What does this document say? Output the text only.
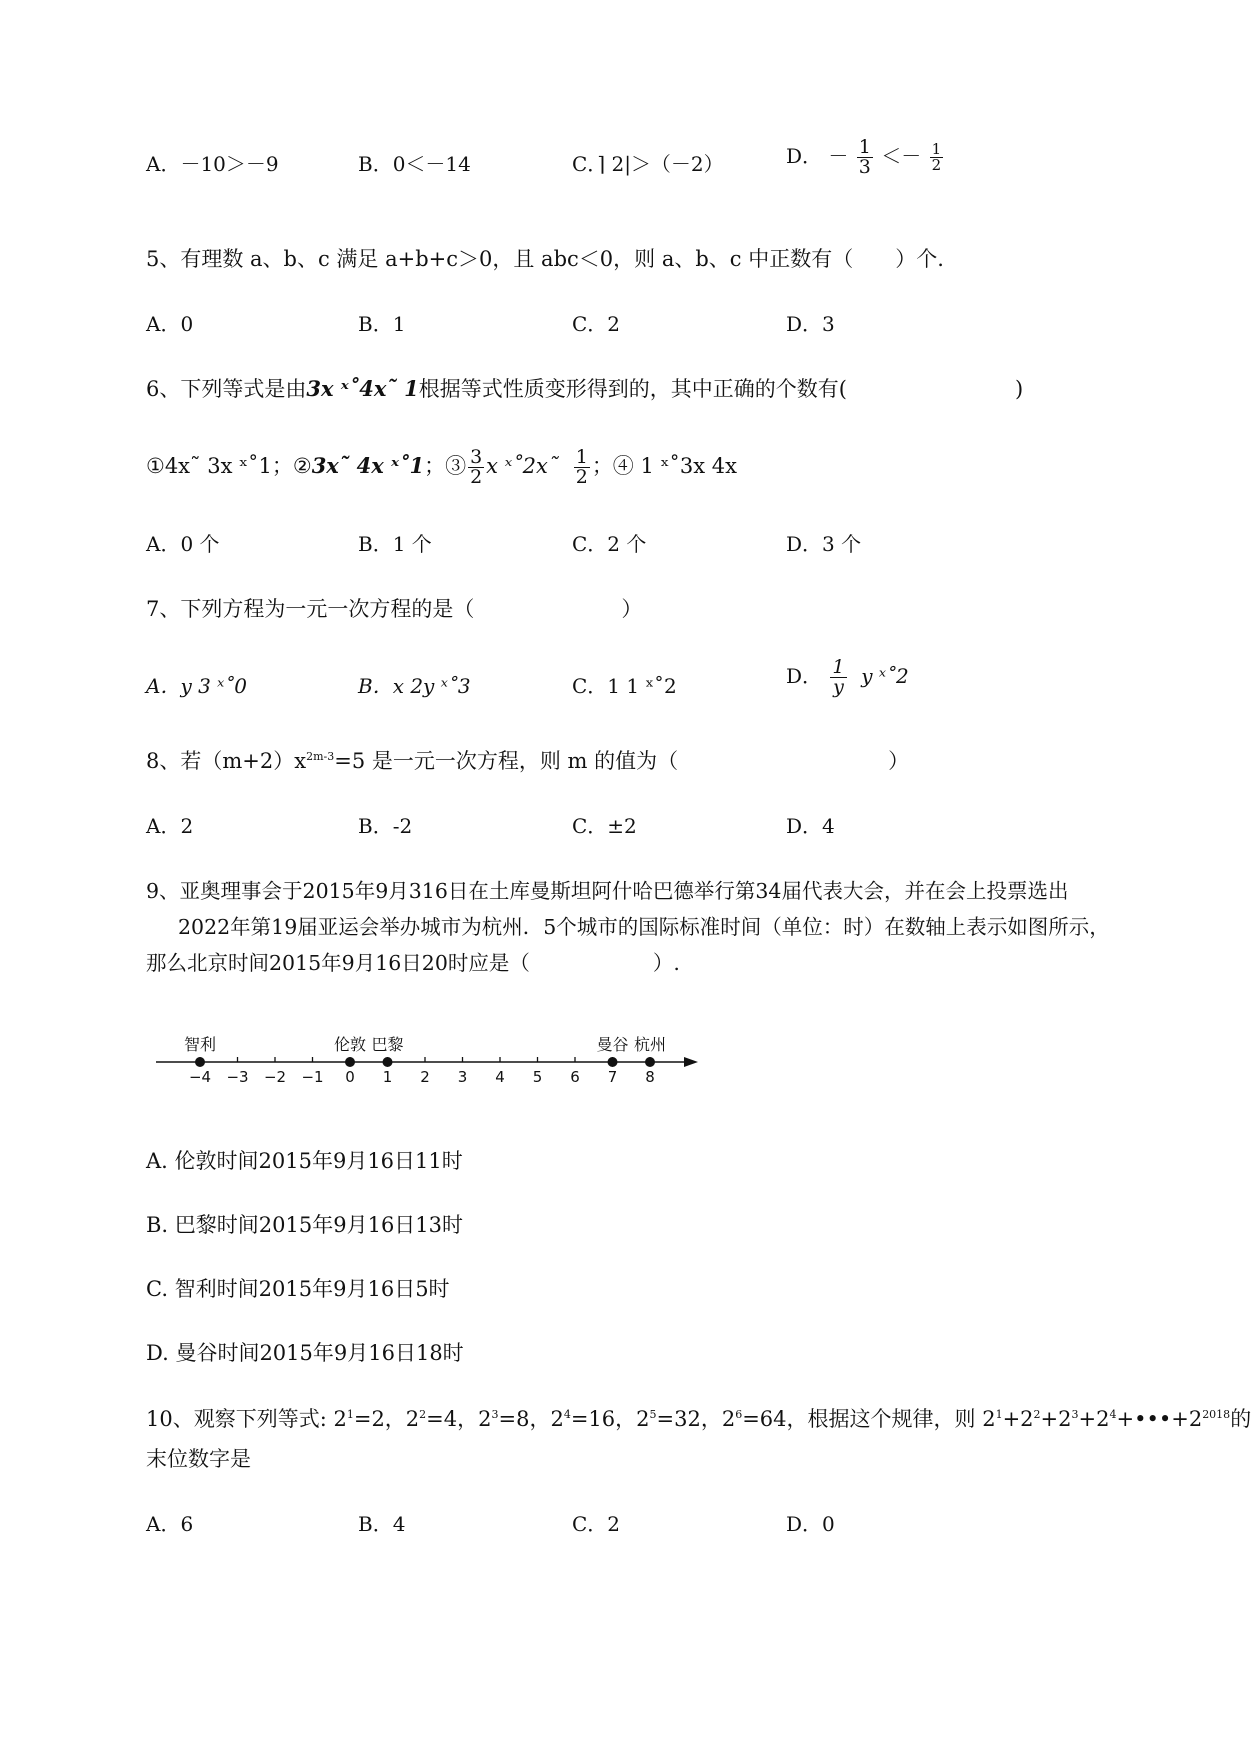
A．－10＞－9	B．0＜－14	C．⌉ 2|＞（－2）	D． － $\frac{1}{3} <- \frac{1}{2}$
5、有理数 a、b、c 满足 a+b+c＞0，且 abc＜0，则 a、b、c 中正数有（　　）个.
A．0	B．1	C．2	D．3
6、下列等式是由3x ˣ˚4x˜ 1根据等式性质变形得到的，其中正确的个数有(　　　　　　　　)
①4x˜ 3x ˣ˚1；②3x˜ 4x ˣ˚1；③ $\frac{3}{2}$ x ˣ˚2x˜ $\frac{1}{2}$ ；④ 1 ˣ˚3x 4x
A．0 个	B．1 个	C．2 个	D．3 个
7、下列方程为一元一次方程的是（　　　　　　　）
A．y 3 ˣ˚0	B．x 2y ˣ˚3	C．1 1 ˣ˚2	D． $\frac{1}{y}$ y ˣ˚2
8、若$(m+2)x^{2m-3}=5$ 是一元一次方程，则 m 的值为（　　　　　　　　　　）
A．2	B．-2	C．±2	D．4
9、亚奥理事会于2015年9月316日在土库曼斯坦阿什哈巴德举行第34届代表大会，并在会上投票选出
2022年第19届亚运会举办城市为杭州．5个城市的国际标准时间（单位：时）在数轴上表示如图所示，
那么北京时间2015年9月16日20时应是（　　　　　　）.
−4 −3 −2 −1 0 1 2 3 4 5 6 7 8
智利	伦敦 巴黎	曼谷 杭州
A. 伦敦时间2015年9月16日11时
B. 巴黎时间2015年9月16日13时
C. 智利时间2015年9月16日5时
D. 曼谷时间2015年9月16日18时
10、观察下列等式: $2^1=2$，$2^2=4$，$2^3=8$，$2^4=16$，$2^5=32$，$2^6=64$，根据这个规律，则 $2^1+2^2+2^3+2^4+•••+2^{2018}$的
末位数字是
A．6	B．4	C．2	D．0
